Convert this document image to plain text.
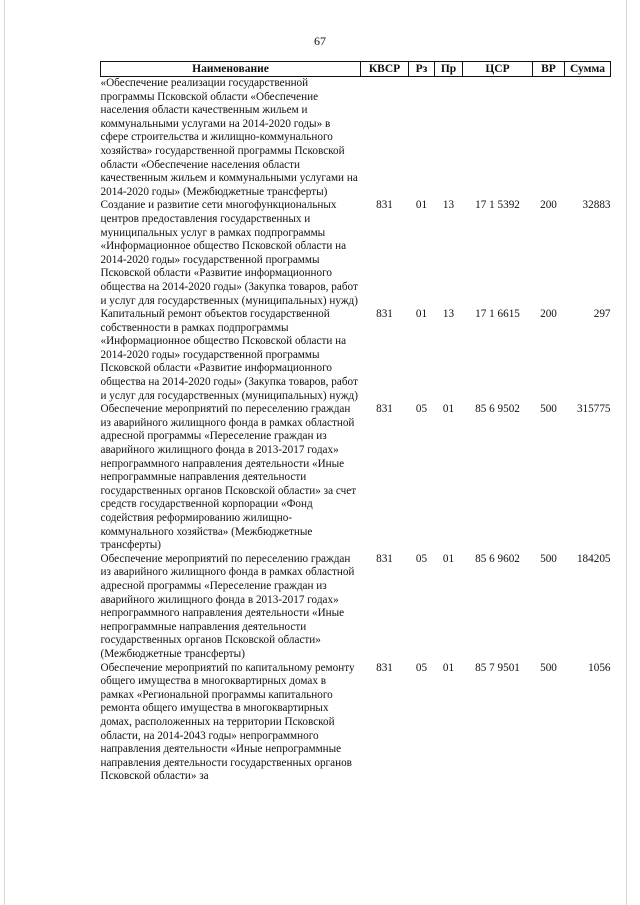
67
Наименование	КВСР	Рз	Пр	ЦСР	ВР	Сумма
«Обеспечение реализации государственной программы Псковской области «Обеспечение населения области качественным жильем и коммунальными услугами на 2014-2020 годы» в сфере строительства и жилищно-коммунального хозяйства» государственной программы Псковской области «Обеспечение населения области качественным жильем и коммунальными услугами на 2014-2020 годы» (Межбюджетные трансферты)						
Создание и развитие сети многофункциональных центров предоставления государственных и муниципальных услуг в рамках подпрограммы «Информационное общество Псковской области на 2014-2020 годы» государственной программы Псковской области «Развитие информационного общества на 2014-2020 годы» (Закупка товаров, работ и услуг для государственных (муниципальных) нужд)	831	01	13	17 1 5392	200	32883
Капитальный ремонт объектов государственной собственности в рамках подпрограммы «Информационное общество Псковской области на 2014-2020 годы» государственной программы Псковской области «Развитие информационного общества на 2014-2020 годы» (Закупка товаров, работ и услуг для государственных (муниципальных) нужд)	831	01	13	17 1 6615	200	297
Обеспечение мероприятий по переселению граждан из аварийного жилищного фонда в рамках областной адресной программы «Переселение граждан из аварийного жилищного фонда в 2013-2017 годах» непрограммного направления деятельности «Иные непрограммные направления деятельности государственных органов Псковской области» за счет средств государственной корпорации «Фонд содействия реформированию жилищно-коммунального хозяйства» (Межбюджетные трансферты)	831	05	01	85 6 9502	500	315775
Обеспечение мероприятий по переселению граждан из аварийного жилищного фонда в рамках областной адресной программы «Переселение граждан из аварийного жилищного фонда в 2013-2017 годах» непрограммного направления деятельности «Иные непрограммные направления деятельности государственных органов Псковской области» (Межбюджетные трансферты)	831	05	01	85 6 9602	500	184205
Обеспечение мероприятий по капитальному ремонту общего имущества в многоквартирных домах в рамках «Региональной программы капитального ремонта общего имущества в многоквартирных домах, расположенных на территории Псковской области, на 2014-2043 годы» непрограммного направления деятельности «Иные непрограммные направления деятельности государственных органов Псковской области» за	831	05	01	85 7 9501	500	1056
